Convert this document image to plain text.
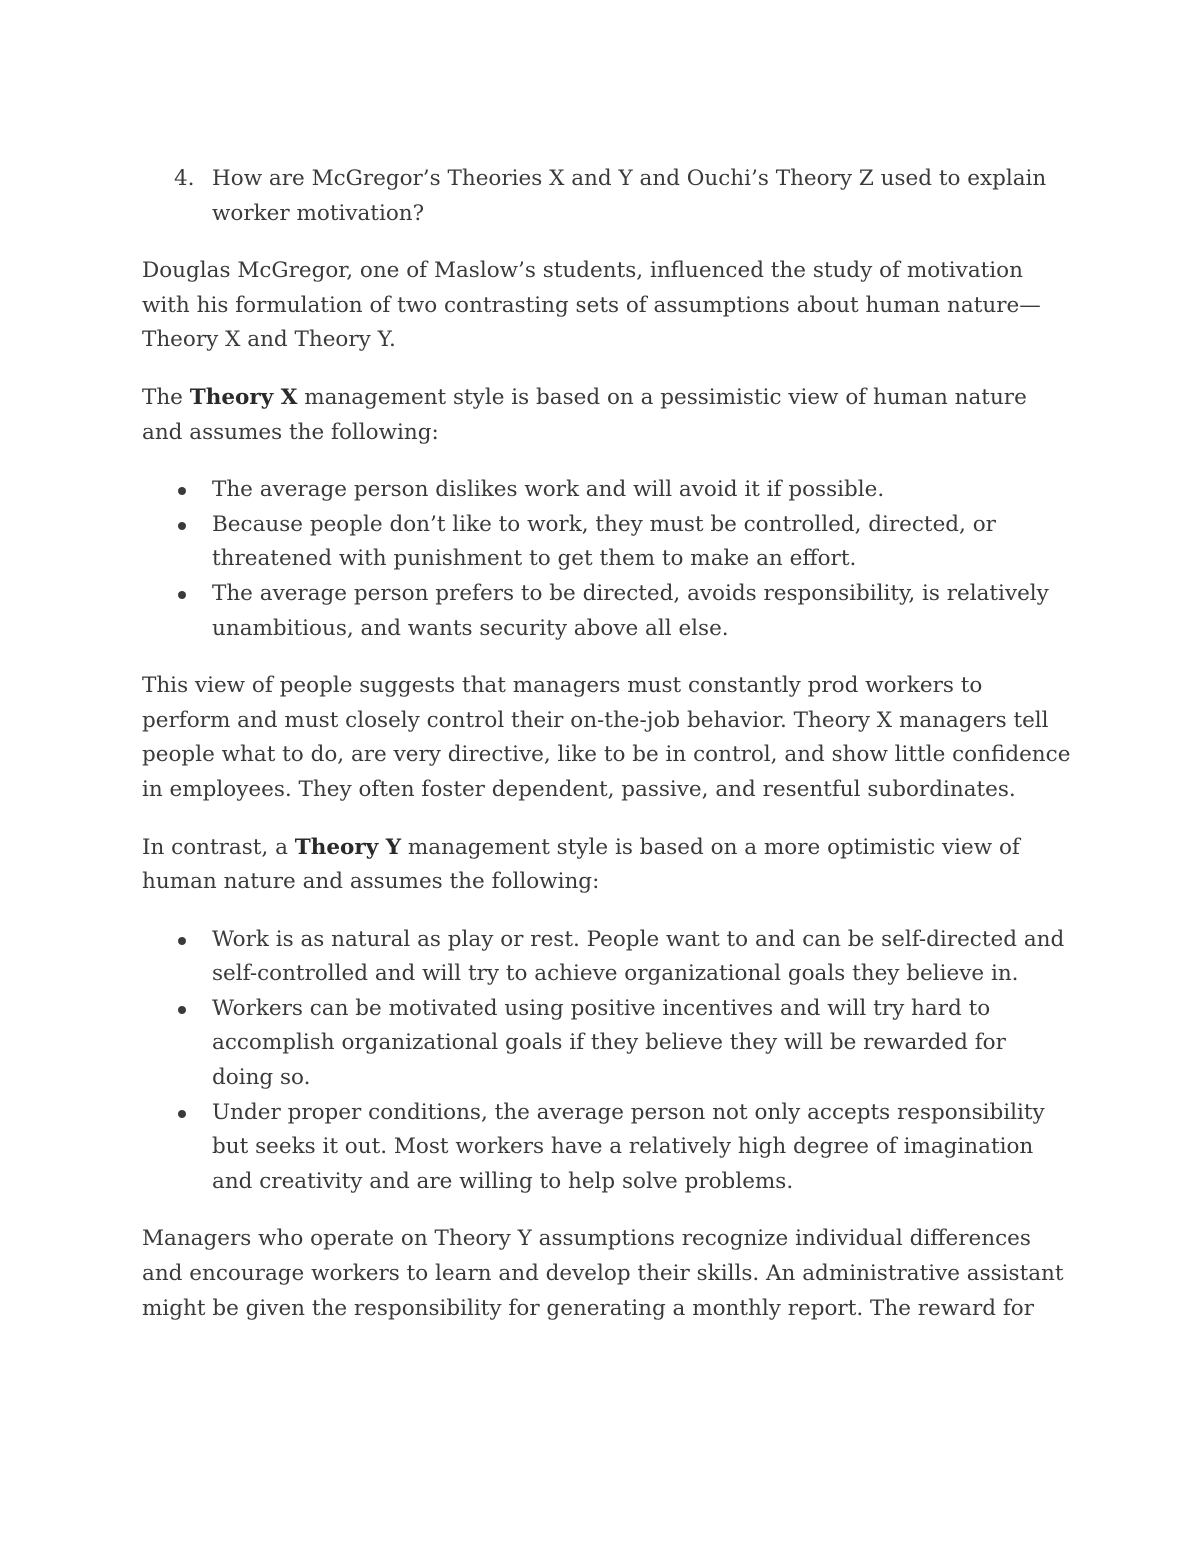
4. How are McGregor’s Theories X and Y and Ouchi’s Theory Z used to explain worker motivation?

Douglas McGregor, one of Maslow’s students, influenced the study of motivation with his formulation of two contrasting sets of assumptions about human nature—Theory X and Theory Y.

The Theory X management style is based on a pessimistic view of human nature and assumes the following:

The average person dislikes work and will avoid it if possible.
Because people don’t like to work, they must be controlled, directed, or threatened with punishment to get them to make an effort.
The average person prefers to be directed, avoids responsibility, is relatively unambitious, and wants security above all else.

This view of people suggests that managers must constantly prod workers to perform and must closely control their on-the-job behavior. Theory X managers tell people what to do, are very directive, like to be in control, and show little confidence in employees. They often foster dependent, passive, and resentful subordinates.

In contrast, a Theory Y management style is based on a more optimistic view of human nature and assumes the following:

Work is as natural as play or rest. People want to and can be self-directed and self-controlled and will try to achieve organizational goals they believe in.
Workers can be motivated using positive incentives and will try hard to accomplish organizational goals if they believe they will be rewarded for doing so.
Under proper conditions, the average person not only accepts responsibility but seeks it out. Most workers have a relatively high degree of imagination and creativity and are willing to help solve problems.

Managers who operate on Theory Y assumptions recognize individual differences and encourage workers to learn and develop their skills. An administrative assistant might be given the responsibility for generating a monthly report. The reward for
